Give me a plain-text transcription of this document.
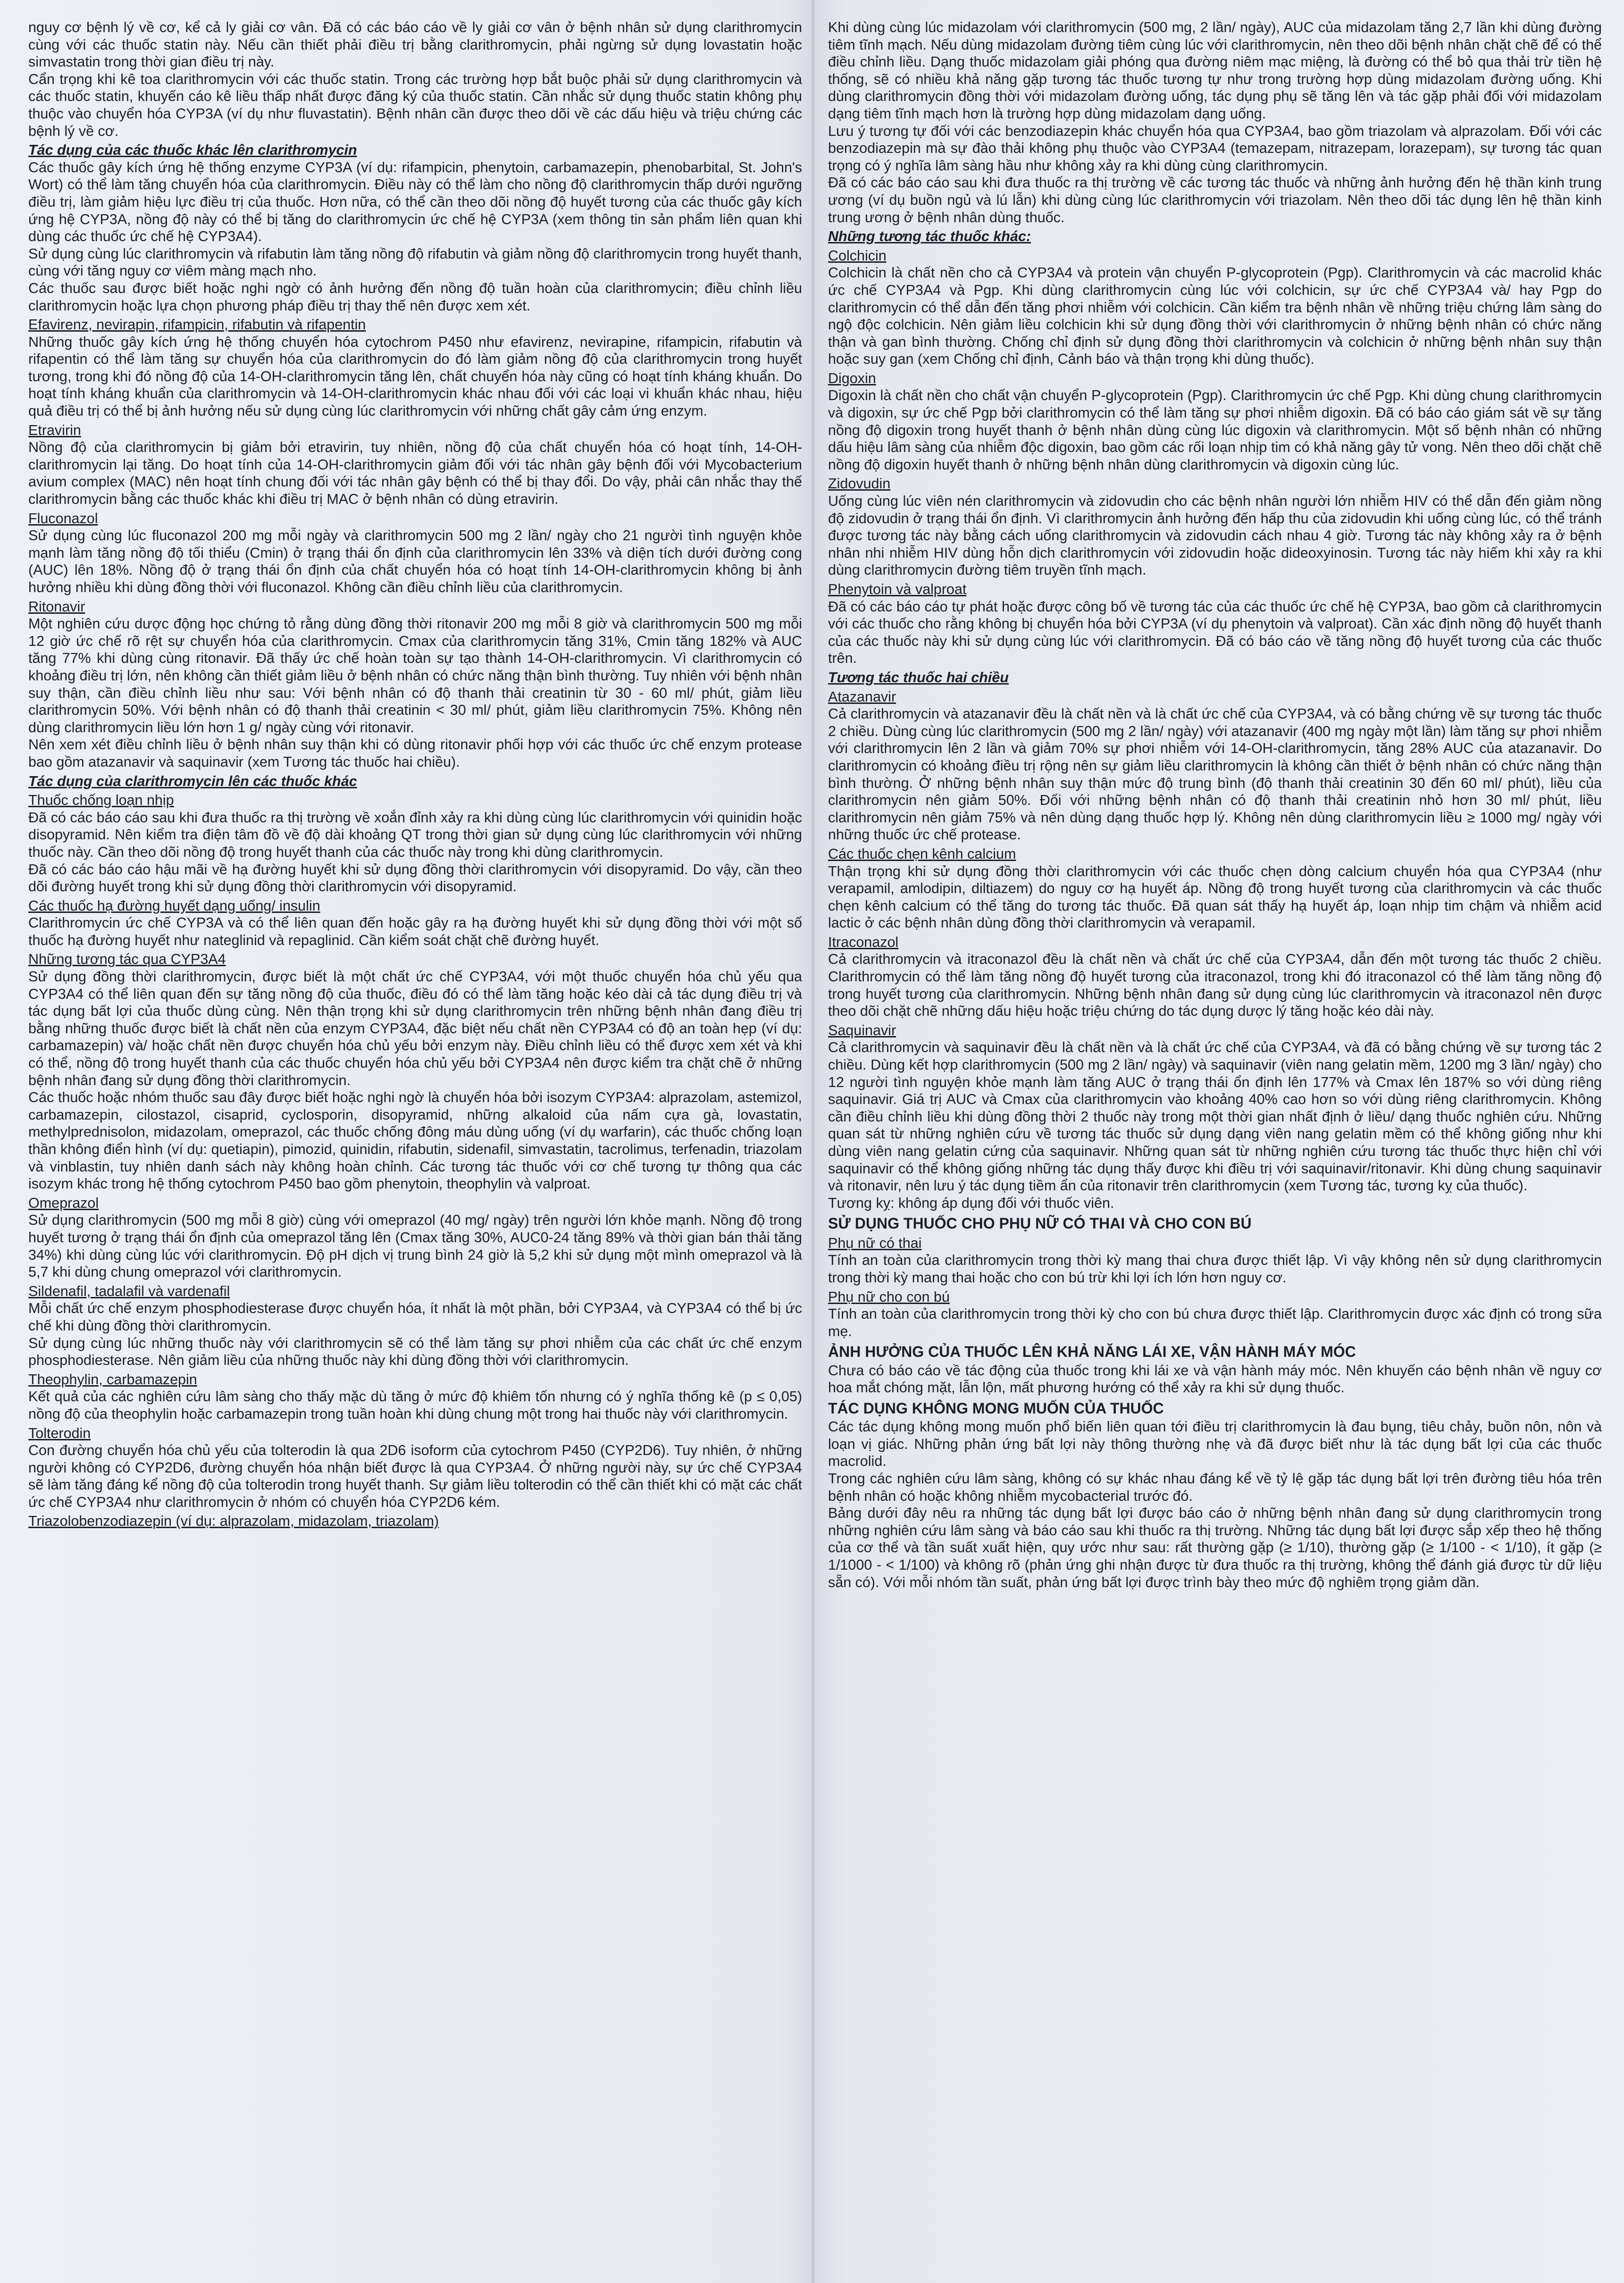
nguy cơ bệnh lý về cơ, kể cả ly giải cơ vân. Đã có các báo cáo về ly giải cơ vân ở bệnh nhân sử dụng clarithromycin cùng với các thuốc statin này. Nếu cần thiết phải điều trị bằng clarithromycin, phải ngừng sử dụng lovastatin hoặc simvastatin trong thời gian điều trị này.
Cẩn trọng khi kê toa clarithromycin với các thuốc statin. Trong các trường hợp bắt buộc phải sử dụng clarithromycin và các thuốc statin, khuyến cáo kê liều thấp nhất được đăng ký của thuốc statin. Cần nhắc sử dụng thuốc statin không phụ thuộc vào chuyển hóa CYP3A (ví dụ như fluvastatin). Bệnh nhân cần được theo dõi về các dấu hiệu và triệu chứng các bệnh lý về cơ.
Tác dụng của các thuốc khác lên clarithromycin
Các thuốc gây kích ứng hệ thống enzyme CYP3A (ví dụ: rifampicin, phenytoin, carbamazepin, phenobarbital, St. John's Wort) có thể làm tăng chuyển hóa của clarithromycin. Điều này có thể làm cho nồng độ clarithromycin thấp dưới ngưỡng điều trị, làm giảm hiệu lực điều trị của thuốc. Hơn nữa, có thể cần theo dõi nồng độ huyết tương của các thuốc gây kích ứng hệ CYP3A, nồng độ này có thể bị tăng do clarithromycin ức chế hệ CYP3A (xem thông tin sản phẩm liên quan khi dùng các thuốc ức chế hệ CYP3A4).
Sử dụng cùng lúc clarithromycin và rifabutin làm tăng nồng độ rifabutin và giảm nồng độ clarithromycin trong huyết thanh, cùng với tăng nguy cơ viêm màng mạch nho.
Các thuốc sau được biết hoặc nghi ngờ có ảnh hưởng đến nồng độ tuần hoàn của clarithromycin; điều chỉnh liều clarithromycin hoặc lựa chọn phương pháp điều trị thay thế nên được xem xét.
Efavirenz, nevirapin, rifampicin, rifabutin và rifapentin
Những thuốc gây kích ứng hệ thống chuyển hóa cytochrom P450 như efavirenz, nevirapine, rifampicin, rifabutin và rifapentin có thể làm tăng sự chuyển hóa của clarithromycin do đó làm giảm nồng độ của clarithromycin trong huyết tương, trong khi đó nồng độ của 14-OH-clarithromycin tăng lên, chất chuyển hóa này cũng có hoạt tính kháng khuẩn. Do hoạt tính kháng khuẩn của clarithromycin và 14-OH-clarithromycin khác nhau đối với các loại vi khuẩn khác nhau, hiệu quả điều trị có thể bị ảnh hưởng nếu sử dụng cùng lúc clarithromycin với những chất gây cảm ứng enzym.
Etravirin
Nồng độ của clarithromycin bị giảm bởi etravirin, tuy nhiên, nồng độ của chất chuyển hóa có hoạt tính, 14-OH-clarithromycin lại tăng. Do hoạt tính của 14-OH-clarithromycin giảm đối với tác nhân gây bệnh đối với Mycobacterium avium complex (MAC) nên hoạt tính chung đối với tác nhân gây bệnh có thể bị thay đổi. Do vậy, phải cân nhắc thay thế clarithromycin bằng các thuốc khác khi điều trị MAC ở bệnh nhân có dùng etravirin.
Fluconazol
Sử dụng cùng lúc fluconazol 200 mg mỗi ngày và clarithromycin 500 mg 2 lần/ ngày cho 21 người tình nguyện khỏe mạnh làm tăng nồng độ tối thiểu (Cmin) ở trạng thái ổn định của clarithromycin lên 33% và diện tích dưới đường cong (AUC) lên 18%. Nồng độ ở trạng thái ổn định của chất chuyển hóa có hoạt tính 14-OH-clarithromycin không bị ảnh hưởng nhiều khi dùng đồng thời với fluconazol. Không cần điều chỉnh liều của clarithromycin.
Ritonavir
Một nghiên cứu dược động học chứng tỏ rằng dùng đồng thời ritonavir 200 mg mỗi 8 giờ và clarithromycin 500 mg mỗi 12 giờ ức chế rõ rệt sự chuyển hóa của clarithromycin. Cmax của clarithromycin tăng 31%, Cmin tăng 182% và AUC tăng 77% khi dùng cùng ritonavir. Đã thấy ức chế hoàn toàn sự tạo thành 14-OH-clarithromycin. Vì clarithromycin có khoảng điều trị lớn, nên không cần thiết giảm liều ở bệnh nhân có chức năng thận bình thường. Tuy nhiên với bệnh nhân suy thận, cần điều chỉnh liều như sau: Với bệnh nhân có độ thanh thải creatinin từ 30 - 60 ml/ phút, giảm liều clarithromycin 50%. Với bệnh nhân có độ thanh thải creatinin < 30 ml/ phút, giảm liều clarithromycin 75%. Không nên dùng clarithromycin liều lớn hơn 1 g/ ngày cùng với ritonavir.
Nên xem xét điều chỉnh liều ở bệnh nhân suy thận khi có dùng ritonavir phối hợp với các thuốc ức chế enzym protease bao gồm atazanavir và saquinavir (xem Tương tác thuốc hai chiều).
Tác dụng của clarithromycin lên các thuốc khác
Thuốc chống loạn nhịp
Đã có các báo cáo sau khi đưa thuốc ra thị trường về xoắn đỉnh xảy ra khi dùng cùng lúc clarithromycin với quinidin hoặc disopyramid. Nên kiểm tra điện tâm đồ về độ dài khoảng QT trong thời gian sử dụng cùng lúc clarithromycin với những thuốc này. Cần theo dõi nồng độ trong huyết thanh của các thuốc này trong khi dùng clarithromycin.
Đã có các báo cáo hậu mãi về hạ đường huyết khi sử dụng đồng thời clarithromycin với disopyramid. Do vậy, cần theo dõi đường huyết trong khi sử dụng đồng thời clarithromycin với disopyramid.
Các thuốc hạ đường huyết dạng uống/ insulin
Clarithromycin ức chế CYP3A và có thể liên quan đến hoặc gây ra hạ đường huyết khi sử dụng đồng thời với một số thuốc hạ đường huyết như nateglinid và repaglinid. Cần kiểm soát chặt chẽ đường huyết.
Những tương tác qua CYP3A4
Sử dụng đồng thời clarithromycin, được biết là một chất ức chế CYP3A4, với một thuốc chuyển hóa chủ yếu qua CYP3A4 có thể liên quan đến sự tăng nồng độ của thuốc, điều đó có thể làm tăng hoặc kéo dài cả tác dụng điều trị và tác dụng bất lợi của thuốc dùng cùng. Nên thận trọng khi sử dụng clarithromycin trên những bệnh nhân đang điều trị bằng những thuốc được biết là chất nền của enzym CYP3A4, đặc biệt nếu chất nền CYP3A4 có độ an toàn hẹp (ví dụ: carbamazepin) và/ hoặc chất nền được chuyển hóa chủ yếu bởi enzym này. Điều chỉnh liều có thể được xem xét và khi có thể, nồng độ trong huyết thanh của các thuốc chuyển hóa chủ yếu bởi CYP3A4 nên được kiểm tra chặt chẽ ở những bệnh nhân đang sử dụng đồng thời clarithromycin.
Các thuốc hoặc nhóm thuốc sau đây được biết hoặc nghi ngờ là chuyển hóa bởi isozym CYP3A4: alprazolam, astemizol, carbamazepin, cilostazol, cisaprid, cyclosporin, disopyramid, những alkaloid của nấm cựa gà, lovastatin, methylprednisolon, midazolam, omeprazol, các thuốc chống đông máu dùng uống (ví dụ warfarin), các thuốc chống loạn thần không điển hình (ví dụ: quetiapin), pimozid, quinidin, rifabutin, sidenafil, simvastatin, tacrolimus, terfenadin, triazolam và vinblastin, tuy nhiên danh sách này không hoàn chỉnh. Các tương tác thuốc với cơ chế tương tự thông qua các isozym khác trong hệ thống cytochrom P450 bao gồm phenytoin, theophylin và valproat.
Omeprazol
Sử dụng clarithromycin (500 mg mỗi 8 giờ) cùng với omeprazol (40 mg/ ngày) trên người lớn khỏe mạnh. Nồng độ trong huyết tương ở trạng thái ổn định của omeprazol tăng lên (Cmax tăng 30%, AUC0-24 tăng 89% và thời gian bán thải tăng 34%) khi dùng cùng lúc với clarithromycin. Độ pH dịch vị trung bình 24 giờ là 5,2 khi sử dụng một mình omeprazol và là 5,7 khi dùng chung omeprazol với clarithromycin.
Sildenafil, tadalafil và vardenafil
Mỗi chất ức chế enzym phosphodiesterase được chuyển hóa, ít nhất là một phần, bởi CYP3A4, và CYP3A4 có thể bị ức chế khi dùng đồng thời clarithromycin.
Sử dụng cùng lúc những thuốc này với clarithromycin sẽ có thể làm tăng sự phơi nhiễm của các chất ức chế enzym phosphodiesterase. Nên giảm liều của những thuốc này khi dùng đồng thời với clarithromycin.
Theophylin, carbamazepin
Kết quả của các nghiên cứu lâm sàng cho thấy mặc dù tăng ở mức độ khiêm tốn nhưng có ý nghĩa thống kê (p ≤ 0,05) nồng độ của theophylin hoặc carbamazepin trong tuần hoàn khi dùng chung một trong hai thuốc này với clarithromycin.
Tolterodin
Con đường chuyển hóa chủ yếu của tolterodin là qua 2D6 isoform của cytochrom P450 (CYP2D6). Tuy nhiên, ở những người không có CYP2D6, đường chuyển hóa nhận biết được là qua CYP3A4. Ở những người này, sự ức chế CYP3A4 sẽ làm tăng đáng kể nồng độ của tolterodin trong huyết thanh. Sự giảm liều tolterodin có thể cần thiết khi có mặt các chất ức chế CYP3A4 như clarithromycin ở nhóm có chuyển hóa CYP2D6 kém.
Triazolobenzodiazepin (ví dụ: alprazolam, midazolam, triazolam)
Khi dùng cùng lúc midazolam với clarithromycin (500 mg, 2 lần/ ngày), AUC của midazolam tăng 2,7 lần khi dùng đường tiêm tĩnh mạch. Nếu dùng midazolam đường tiêm cùng lúc với clarithromycin, nên theo dõi bệnh nhân chặt chẽ để có thể điều chỉnh liều. Dạng thuốc midazolam giải phóng qua đường niêm mạc miệng, là đường có thể bỏ qua thải trừ tiền hệ thống, sẽ có nhiều khả năng gặp tương tác thuốc tương tự như trong trường hợp dùng midazolam đường uống. Khi dùng clarithromycin đồng thời với midazolam đường uống, tác dụng phụ sẽ tăng lên và tác gặp phải đối với midazolam dạng tiêm tĩnh mạch hơn là trường hợp dùng midazolam dạng uống.
Lưu ý tương tự đối với các benzodiazepin khác chuyển hóa qua CYP3A4, bao gồm triazolam và alprazolam. Đối với các benzodiazepin mà sự đào thải không phụ thuộc vào CYP3A4 (temazepam, nitrazepam, lorazepam), sự tương tác quan trọng có ý nghĩa lâm sàng hầu như không xảy ra khi dùng cùng clarithromycin.
Đã có các báo cáo sau khi đưa thuốc ra thị trường về các tương tác thuốc và những ảnh hưởng đến hệ thần kinh trung ương (ví dụ buồn ngủ và lú lẫn) khi dùng cùng lúc clarithromycin với triazolam. Nên theo dõi tác dụng lên hệ thần kinh trung ương ở bệnh nhân dùng thuốc.
Những tương tác thuốc khác:
Colchicin
Colchicin là chất nền cho cả CYP3A4 và protein vận chuyển P-glycoprotein (Pgp). Clarithromycin và các macrolid khác ức chế CYP3A4 và Pgp. Khi dùng clarithromycin cùng lúc với colchicin, sự ức chế CYP3A4 và/ hay Pgp do clarithromycin có thể dẫn đến tăng phơi nhiễm với colchicin. Cần kiểm tra bệnh nhân về những triệu chứng lâm sàng do ngộ độc colchicin. Nên giảm liều colchicin khi sử dụng đồng thời với clarithromycin ở những bệnh nhân có chức năng thận và gan bình thường. Chống chỉ định sử dụng đồng thời clarithromycin và colchicin ở những bệnh nhân suy thận hoặc suy gan (xem Chống chỉ định, Cảnh báo và thận trọng khi dùng thuốc).
Digoxin
Digoxin là chất nền cho chất vận chuyển P-glycoprotein (Pgp). Clarithromycin ức chế Pgp. Khi dùng chung clarithromycin và digoxin, sự ức chế Pgp bởi clarithromycin có thể làm tăng sự phơi nhiễm digoxin. Đã có báo cáo giám sát về sự tăng nồng độ digoxin trong huyết thanh ở bệnh nhân dùng cùng lúc digoxin và clarithromycin. Một số bệnh nhân có những dấu hiệu lâm sàng của nhiễm độc digoxin, bao gồm các rối loạn nhịp tim có khả năng gây tử vong. Nên theo dõi chặt chẽ nồng độ digoxin huyết thanh ở những bệnh nhân dùng clarithromycin và digoxin cùng lúc.
Zidovudin
Uống cùng lúc viên nén clarithromycin và zidovudin cho các bệnh nhân người lớn nhiễm HIV có thể dẫn đến giảm nồng độ zidovudin ở trạng thái ổn định. Vì clarithromycin ảnh hưởng đến hấp thu của zidovudin khi uống cùng lúc, có thể tránh được tương tác này bằng cách uống clarithromycin và zidovudin cách nhau 4 giờ. Tương tác này không xảy ra ở bệnh nhân nhi nhiễm HIV dùng hỗn dịch clarithromycin với zidovudin hoặc dideoxyinosin. Tương tác này hiếm khi xảy ra khi dùng clarithromycin đường tiêm truyền tĩnh mạch.
Phenytoin và valproat
Đã có các báo cáo tự phát hoặc được công bố về tương tác của các thuốc ức chế hệ CYP3A, bao gồm cả clarithromycin với các thuốc cho rằng không bị chuyển hóa bởi CYP3A (ví dụ phenytoin và valproat). Cần xác định nồng độ huyết thanh của các thuốc này khi sử dụng cùng lúc với clarithromycin. Đã có báo cáo về tăng nồng độ huyết tương của các thuốc trên.
Tương tác thuốc hai chiều
Atazanavir
Cả clarithromycin và atazanavir đều là chất nền và là chất ức chế của CYP3A4, và có bằng chứng về sự tương tác thuốc 2 chiều. Dùng cùng lúc clarithromycin (500 mg 2 lần/ ngày) với atazanavir (400 mg ngày một lần) làm tăng sự phơi nhiễm với clarithromycin lên 2 lần và giảm 70% sự phơi nhiễm với 14-OH-clarithromycin, tăng 28% AUC của atazanavir. Do clarithromycin có khoảng điều trị rộng nên sự giảm liều clarithromycin là không cần thiết ở bệnh nhân có chức năng thận bình thường. Ở những bệnh nhân suy thận mức độ trung bình (độ thanh thải creatinin 30 đến 60 ml/ phút), liều của clarithromycin nên giảm 50%. Đối với những bệnh nhân có độ thanh thải creatinin nhỏ hơn 30 ml/ phút, liều clarithromycin nên giảm 75% và nên dùng dạng thuốc hợp lý. Không nên dùng clarithromycin liều ≥ 1000 mg/ ngày với những thuốc ức chế protease.
Các thuốc chẹn kênh calcium
Thận trọng khi sử dụng đồng thời clarithromycin với các thuốc chẹn dòng calcium chuyển hóa qua CYP3A4 (như verapamil, amlodipin, diltiazem) do nguy cơ hạ huyết áp. Nồng độ trong huyết tương của clarithromycin và các thuốc chẹn kênh calcium có thể tăng do tương tác thuốc. Đã quan sát thấy hạ huyết áp, loạn nhịp tim chậm và nhiễm acid lactic ở các bệnh nhân dùng đồng thời clarithromycin và verapamil.
Itraconazol
Cả clarithromycin và itraconazol đều là chất nền và chất ức chế của CYP3A4, dẫn đến một tương tác thuốc 2 chiều. Clarithromycin có thể làm tăng nồng độ huyết tương của itraconazol, trong khi đó itraconazol có thể làm tăng nồng độ trong huyết tương của clarithromycin. Những bệnh nhân đang sử dụng cùng lúc clarithromycin và itraconazol nên được theo dõi chặt chẽ những dấu hiệu hoặc triệu chứng do tác dụng dược lý tăng hoặc kéo dài này.
Saquinavir
Cả clarithromycin và saquinavir đều là chất nền và là chất ức chế của CYP3A4, và đã có bằng chứng về sự tương tác 2 chiều. Dùng kết hợp clarithromycin (500 mg 2 lần/ ngày) và saquinavir (viên nang gelatin mềm, 1200 mg 3 lần/ ngày) cho 12 người tình nguyện khỏe mạnh làm tăng AUC ở trạng thái ổn định lên 177% và Cmax lên 187% so với dùng riêng saquinavir. Giá trị AUC và Cmax của clarithromycin vào khoảng 40% cao hơn so với dùng riêng clarithromycin. Không cần điều chỉnh liều khi dùng đồng thời 2 thuốc này trong một thời gian nhất định ở liều/ dạng thuốc nghiên cứu. Những quan sát từ những nghiên cứu về tương tác thuốc sử dụng dạng viên nang gelatin mềm có thể không giống như khi dùng viên nang gelatin cứng của saquinavir. Những quan sát từ những nghiên cứu tương tác thuốc thực hiện chỉ với saquinavir có thể không giống những tác dụng thấy được khi điều trị với saquinavir/ritonavir. Khi dùng chung saquinavir và ritonavir, nên lưu ý tác dụng tiềm ẩn của ritonavir trên clarithromycin (xem Tương tác, tương kỵ của thuốc).
Tương kỵ: không áp dụng đối với thuốc viên.
SỬ DỤNG THUỐC CHO PHỤ NỮ CÓ THAI VÀ CHO CON BÚ
Phụ nữ có thai
Tính an toàn của clarithromycin trong thời kỳ mang thai chưa được thiết lập. Vì vậy không nên sử dụng clarithromycin trong thời kỳ mang thai hoặc cho con bú trừ khi lợi ích lớn hơn nguy cơ.
Phụ nữ cho con bú
Tính an toàn của clarithromycin trong thời kỳ cho con bú chưa được thiết lập. Clarithromycin được xác định có trong sữa mẹ.
ẢNH HƯỞNG CỦA THUỐC LÊN KHẢ NĂNG LÁI XE, VẬN HÀNH MÁY MÓC
Chưa có báo cáo về tác động của thuốc trong khi lái xe và vận hành máy móc. Nên khuyến cáo bệnh nhân về nguy cơ hoa mắt chóng mặt, lẫn lộn, mất phương hướng có thể xảy ra khi sử dụng thuốc.
TÁC DỤNG KHÔNG MONG MUỐN CỦA THUỐC
Các tác dụng không mong muốn phổ biến liên quan tới điều trị clarithromycin là đau bụng, tiêu chảy, buồn nôn, nôn và loạn vị giác. Những phản ứng bất lợi này thông thường nhẹ và đã được biết như là tác dụng bất lợi của các thuốc macrolid.
Trong các nghiên cứu lâm sàng, không có sự khác nhau đáng kể về tỷ lệ gặp tác dụng bất lợi trên đường tiêu hóa trên bệnh nhân có hoặc không nhiễm mycobacterial trước đó.
Bảng dưới đây nêu ra những tác dụng bất lợi được báo cáo ở những bệnh nhân đang sử dụng clarithromycin trong những nghiên cứu lâm sàng và báo cáo sau khi thuốc ra thị trường. Những tác dụng bất lợi được sắp xếp theo hệ thống của cơ thể và tần suất xuất hiện, quy ước như sau: rất thường gặp (≥ 1/10), thường gặp (≥ 1/100 - < 1/10), ít gặp (≥ 1/1000 - < 1/100) và không rõ (phản ứng ghi nhận được từ đưa thuốc ra thị trường, không thể đánh giá được từ dữ liệu sẵn có). Với mỗi nhóm tần suất, phản ứng bất lợi được trình bày theo mức độ nghiêm trọng giảm dần.
